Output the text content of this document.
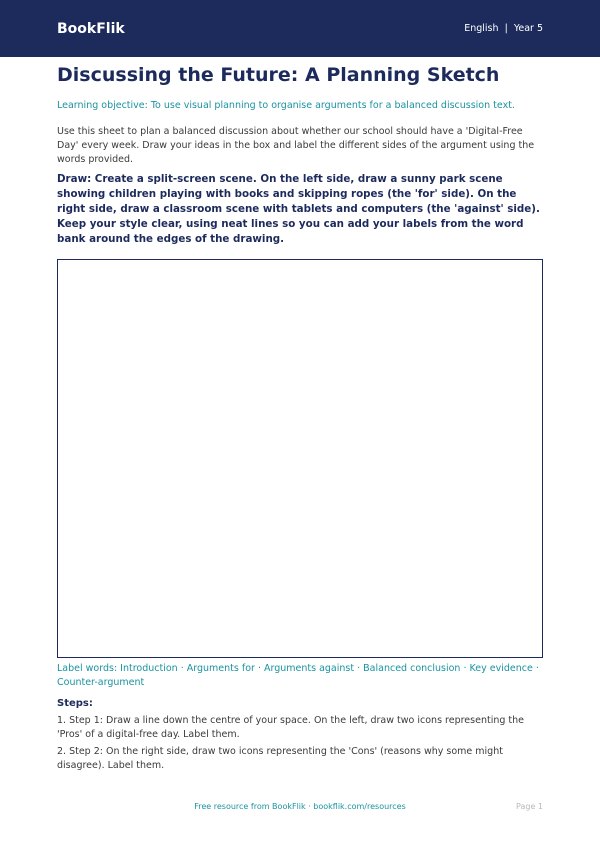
BookFlik	English | Year 5
Discussing the Future: A Planning Sketch
Learning objective: To use visual planning to organise arguments for a balanced discussion text.
Use this sheet to plan a balanced discussion about whether our school should have a 'Digital-Free Day' every week. Draw your ideas in the box and label the different sides of the argument using the words provided.
Draw: Create a split-screen scene. On the left side, draw a sunny park scene showing children playing with books and skipping ropes (the 'for' side). On the right side, draw a classroom scene with tablets and computers (the 'against' side). Keep your style clear, using neat lines so you can add your labels from the word bank around the edges of the drawing.
Label words: Introduction · Arguments for · Arguments against · Balanced conclusion · Key evidence · Counter-argument
Steps:
1. Step 1: Draw a line down the centre of your space. On the left, draw two icons representing the 'Pros' of a digital-free day. Label them.
2. Step 2: On the right side, draw two icons representing the 'Cons' (reasons why some might disagree). Label them.
Free resource from BookFlik · bookflik.com/resources	Page 1
